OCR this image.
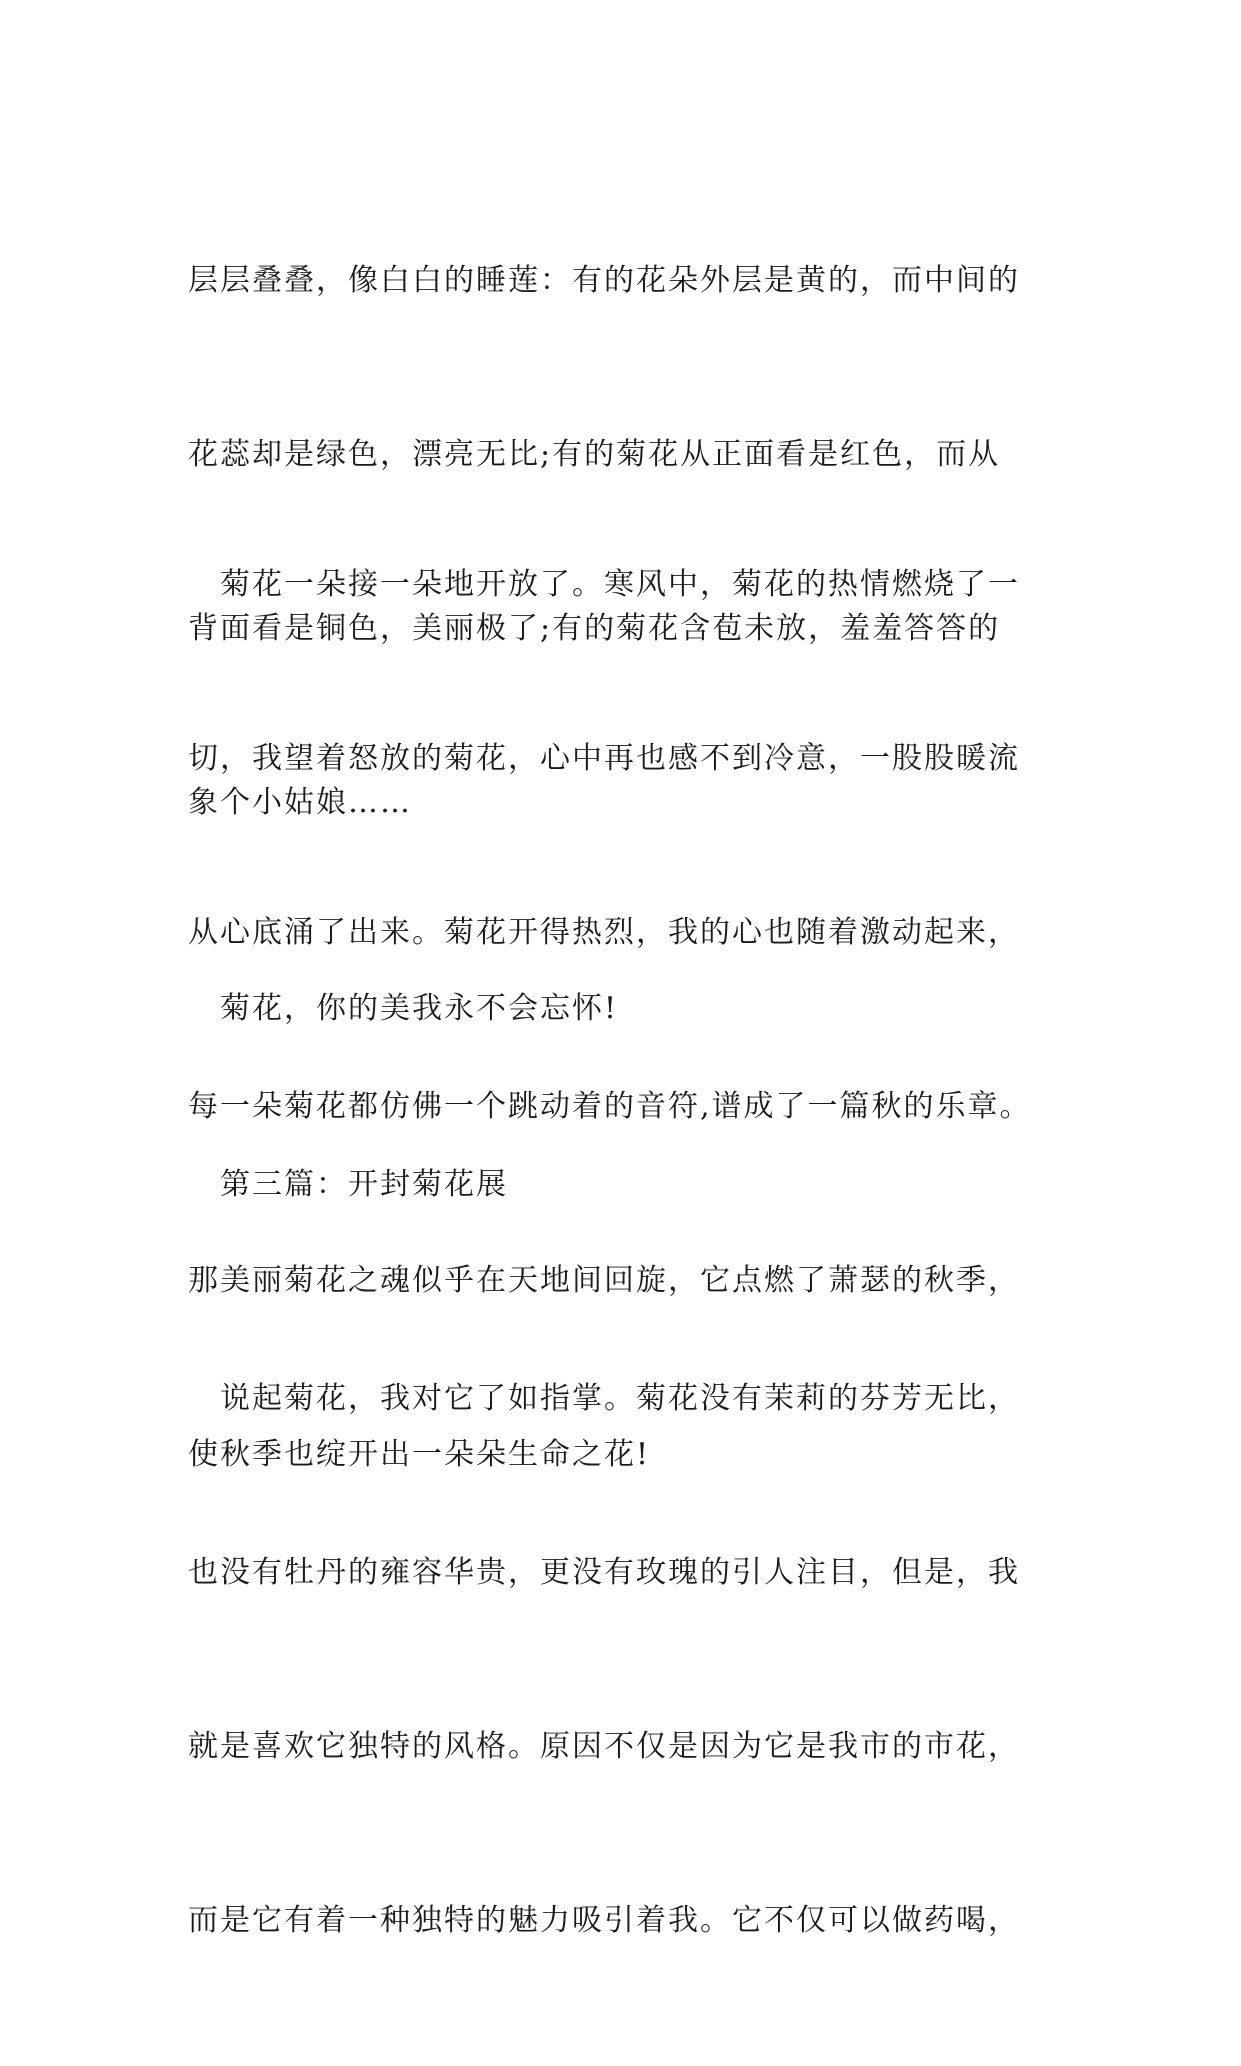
层层叠叠，像白白的睡莲：有的花朵外层是黄的，而中间的

花蕊却是绿色，漂亮无比;有的菊花从正面看是红色，而从

背面看是铜色，美丽极了;有的菊花含苞未放，羞羞答答的

象个小姑娘……

　菊花一朵接一朵地开放了。寒风中，菊花的热情燃烧了一

切，我望着怒放的菊花，心中再也感不到冷意，一股股暖流

从心底涌了出来。菊花开得热烈，我的心也随着激动起来，

每一朵菊花都仿佛一个跳动着的音符,谱成了一篇秋的乐章。

那美丽菊花之魂似乎在天地间回旋，它点燃了萧瑟的秋季，

使秋季也绽开出一朵朵生命之花!

　菊花，你的美我永不会忘怀!

　第三篇：开封菊花展

　说起菊花，我对它了如指掌。菊花没有茉莉的芬芳无比，

也没有牡丹的雍容华贵，更没有玫瑰的引人注目，但是，我

就是喜欢它独特的风格。原因不仅是因为它是我市的市花，

而是它有着一种独特的魅力吸引着我。它不仅可以做药喝，
